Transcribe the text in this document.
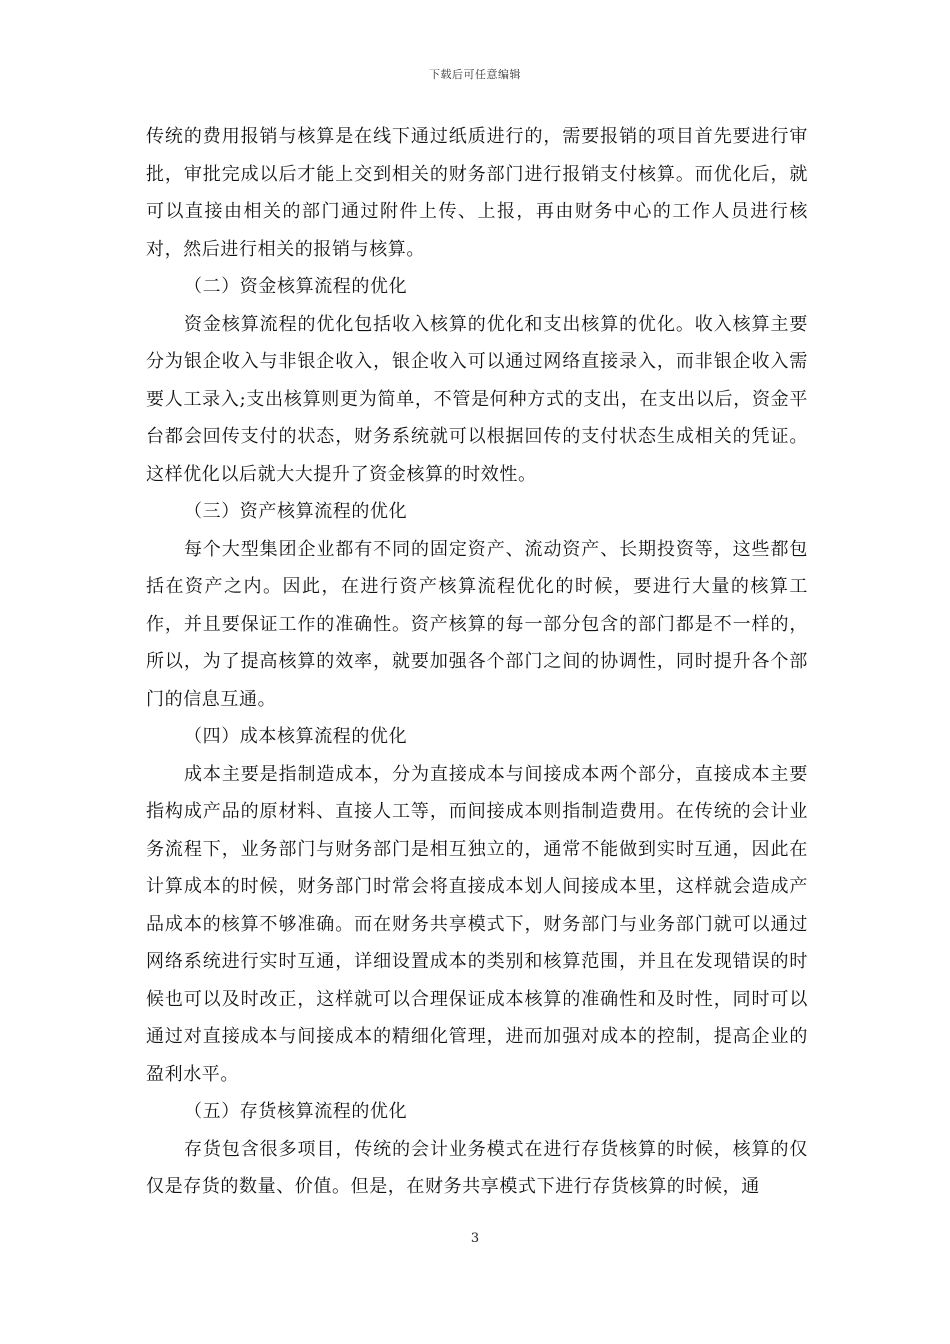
下载后可任意编辑

传统的费用报销与核算是在线下通过纸质进行的，需要报销的项目首先要进行审批，审批完成以后才能上交到相关的财务部门进行报销支付核算。而优化后，就可以直接由相关的部门通过附件上传、上报，再由财务中心的工作人员进行核对，然后进行相关的报销与核算。

（二）资金核算流程的优化

资金核算流程的优化包括收入核算的优化和支出核算的优化。收入核算主要分为银企收入与非银企收入，银企收入可以通过网络直接录入，而非银企收入需要人工录入;支出核算则更为简单，不管是何种方式的支出，在支出以后，资金平台都会回传支付的状态，财务系统就可以根据回传的支付状态生成相关的凭证。这样优化以后就大大提升了资金核算的时效性。

（三）资产核算流程的优化

每个大型集团企业都有不同的固定资产、流动资产、长期投资等，这些都包括在资产之内。因此，在进行资产核算流程优化的时候，要进行大量的核算工作，并且要保证工作的准确性。资产核算的每一部分包含的部门都是不一样的，所以，为了提高核算的效率，就要加强各个部门之间的协调性，同时提升各个部门的信息互通。

（四）成本核算流程的优化

成本主要是指制造成本，分为直接成本与间接成本两个部分，直接成本主要指构成产品的原材料、直接人工等，而间接成本则指制造费用。在传统的会计业务流程下，业务部门与财务部门是相互独立的，通常不能做到实时互通，因此在计算成本的时候，财务部门时常会将直接成本划人间接成本里，这样就会造成产品成本的核算不够准确。而在财务共享模式下，财务部门与业务部门就可以通过网络系统进行实时互通，详细设置成本的类别和核算范围，并且在发现错误的时候也可以及时改正，这样就可以合理保证成本核算的准确性和及时性，同时可以通过对直接成本与间接成本的精细化管理，进而加强对成本的控制，提高企业的盈利水平。

（五）存货核算流程的优化

存货包含很多项目，传统的会计业务模式在进行存货核算的时候，核算的仅仅是存货的数量、价值。但是，在财务共享模式下进行存货核算的时候，通

3
